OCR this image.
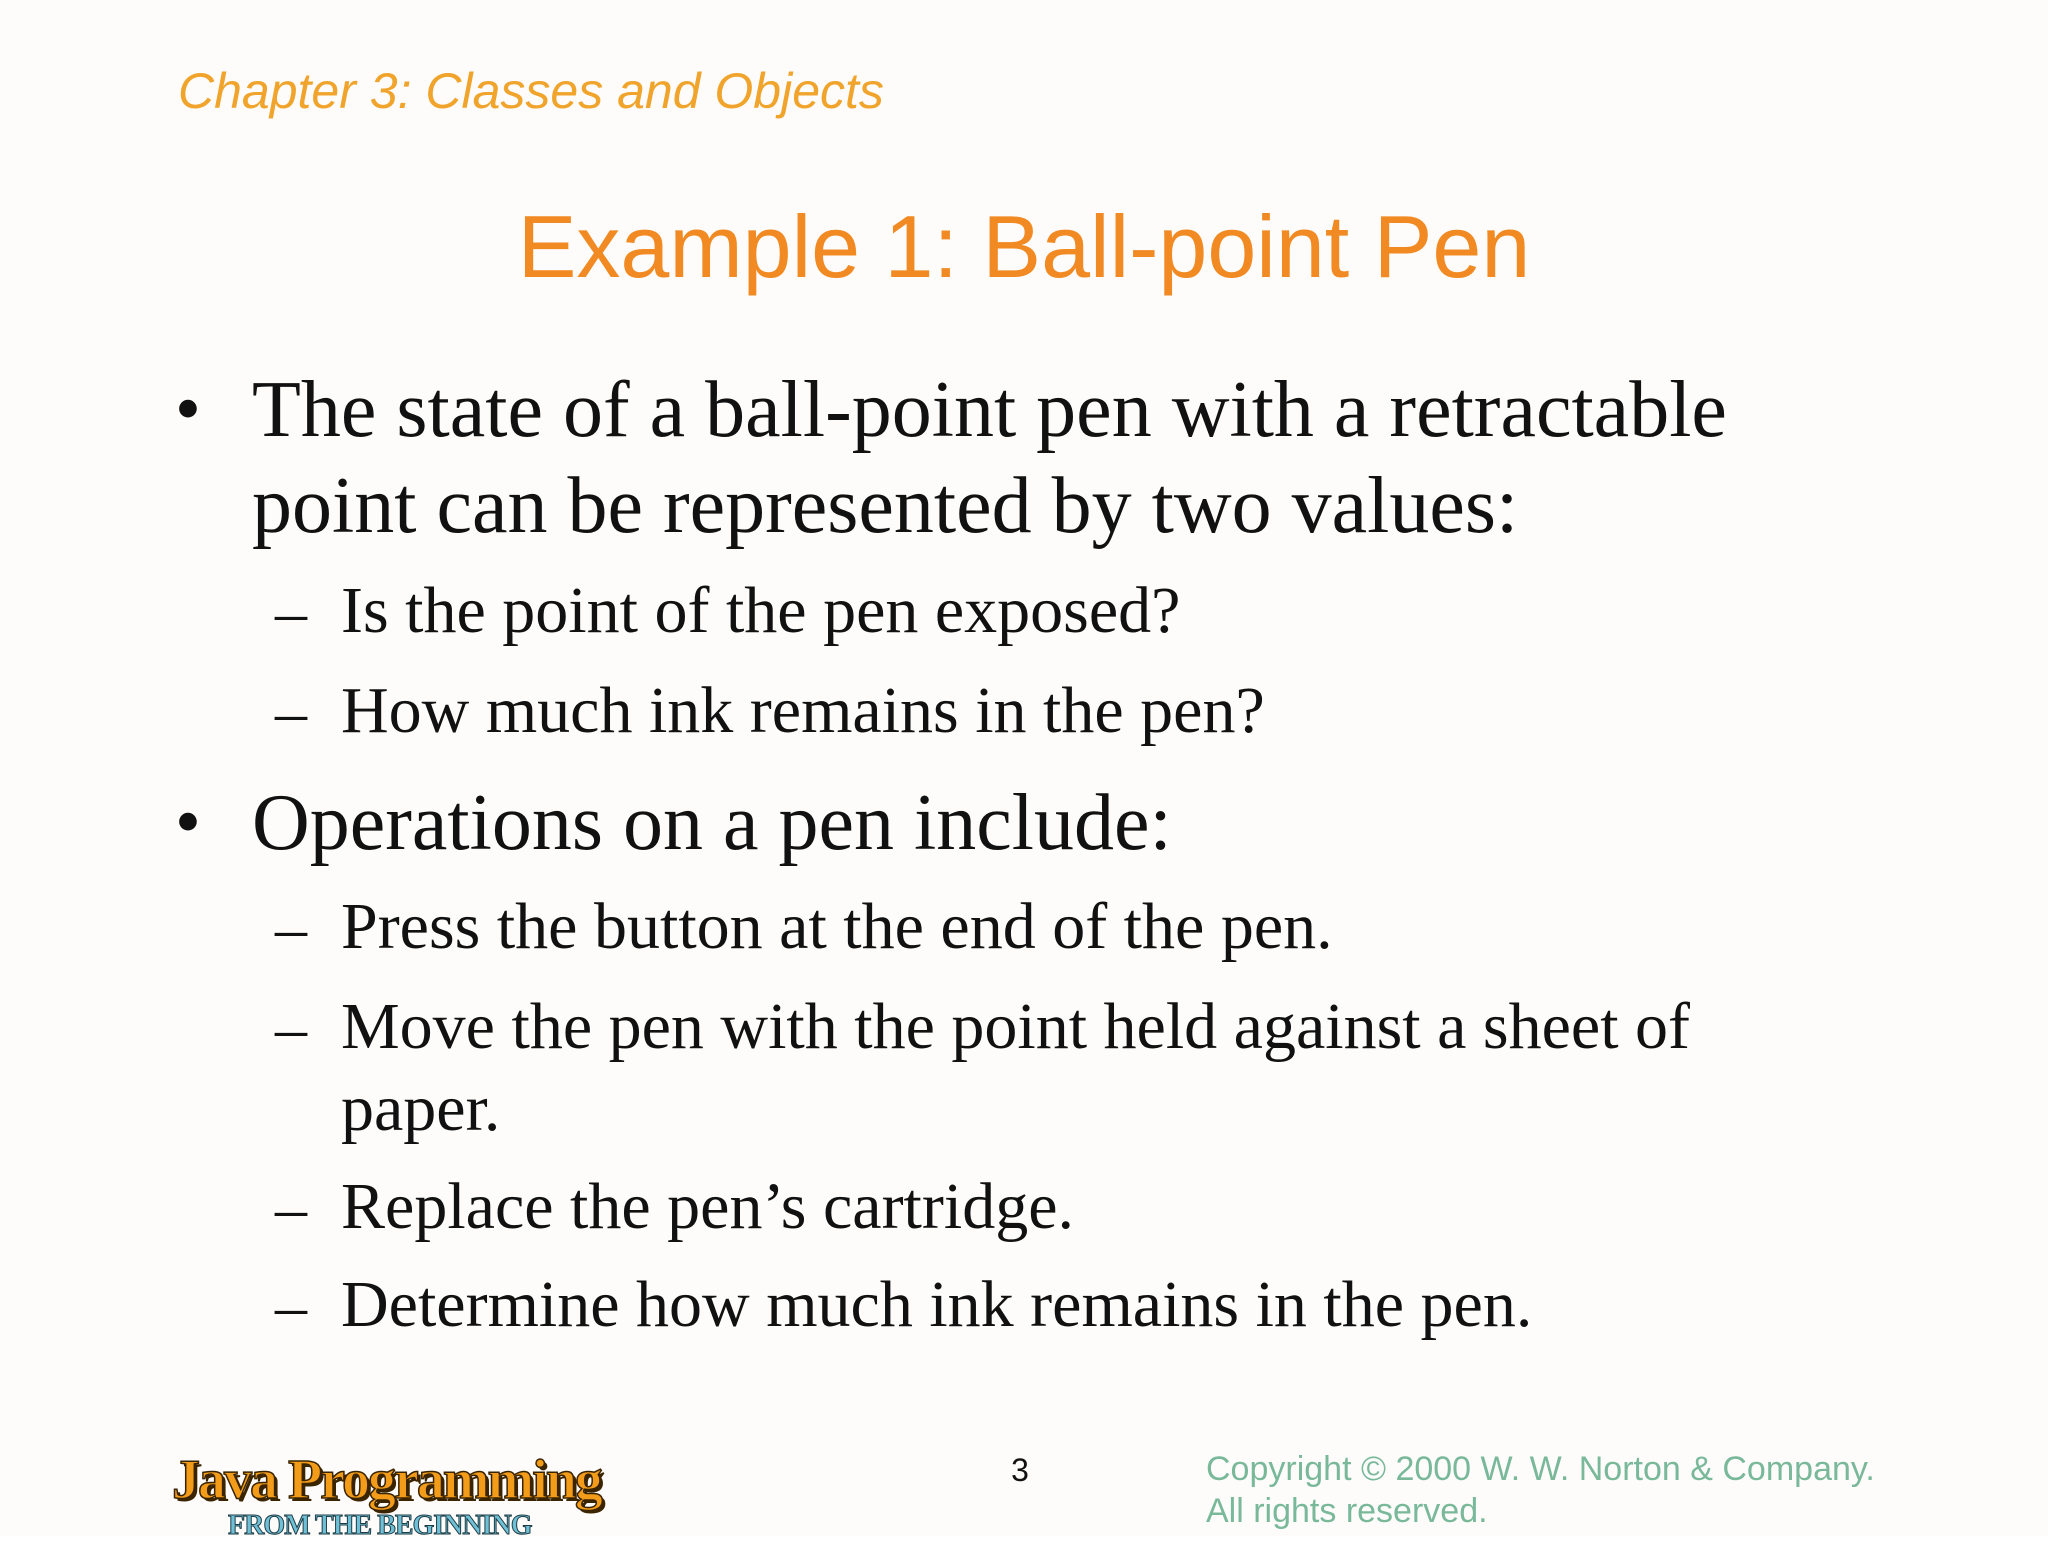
Chapter 3: Classes and Objects
Example 1: Ball-point Pen
• The state of a ball-point pen with a retractable
point can be represented by two values:
– Is the point of the pen exposed?
– How much ink remains in the pen?
• Operations on a pen include:
– Press the button at the end of the pen.
– Move the pen with the point held against a sheet of
paper.
– Replace the pen’s cartridge.
– Determine how much ink remains in the pen.
Java Programming
FROM THE BEGINNING
3	Copyright © 2000 W. W. Norton & Company.
All rights reserved.
